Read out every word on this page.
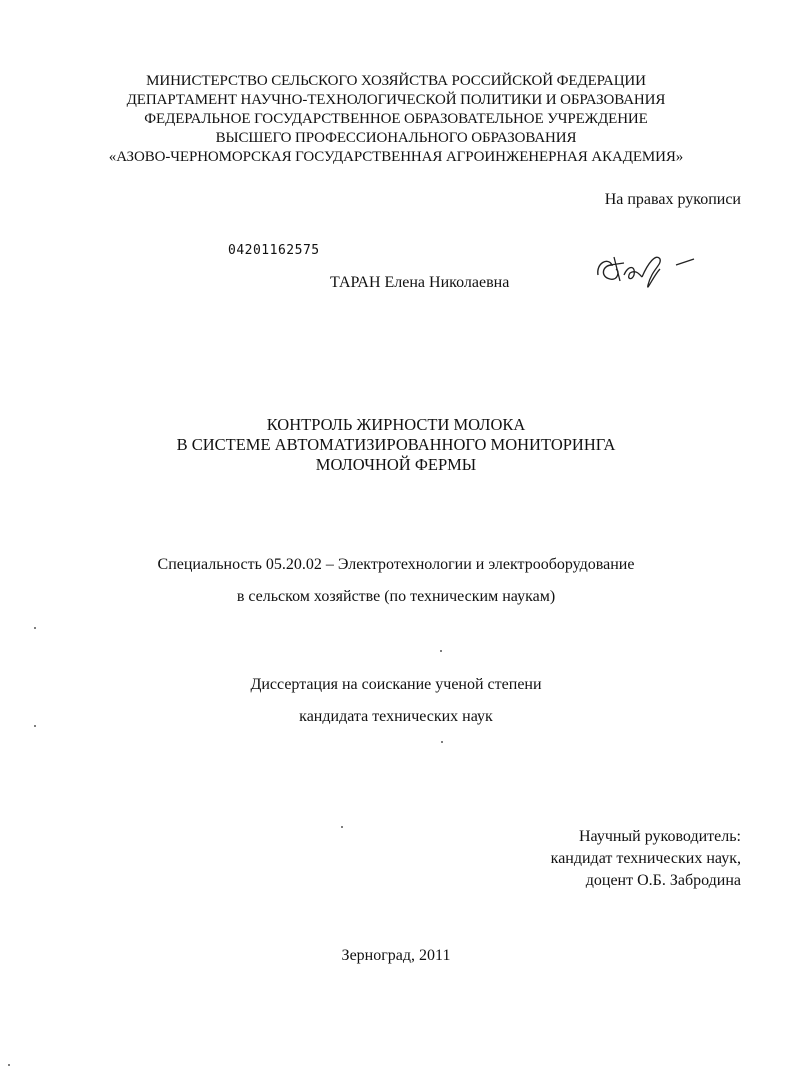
МИНИСТЕРСТВО СЕЛЬСКОГО ХОЗЯЙСТВА РОССИЙСКОЙ ФЕДЕРАЦИИ
ДЕПАРТАМЕНТ НАУЧНО-ТЕХНОЛОГИЧЕСКОЙ ПОЛИТИКИ И ОБРАЗОВАНИЯ
ФЕДЕРАЛЬНОЕ ГОСУДАРСТВЕННОЕ ОБРАЗОВАТЕЛЬНОЕ УЧРЕЖДЕНИЕ
ВЫСШЕГО ПРОФЕССИОНАЛЬНОГО ОБРАЗОВАНИЯ
«АЗОВО-ЧЕРНОМОРСКАЯ ГОСУДАРСТВЕННАЯ АГРОИНЖЕНЕРНАЯ АКАДЕМИЯ»
На правах рукописи
04201162575
ТАРАН Елена Николаевна
КОНТРОЛЬ ЖИРНОСТИ МОЛОКА
В СИСТЕМЕ АВТОМАТИЗИРОВАННОГО МОНИТОРИНГА
МОЛОЧНОЙ ФЕРМЫ
Специальность 05.20.02 – Электротехнологии и электрооборудование
в сельском хозяйстве (по техническим наукам)
Диссертация на соискание ученой степени
кандидата технических наук
Научный руководитель:
кандидат технических наук,
доцент О.Б. Забродина
Зерноград, 2011
